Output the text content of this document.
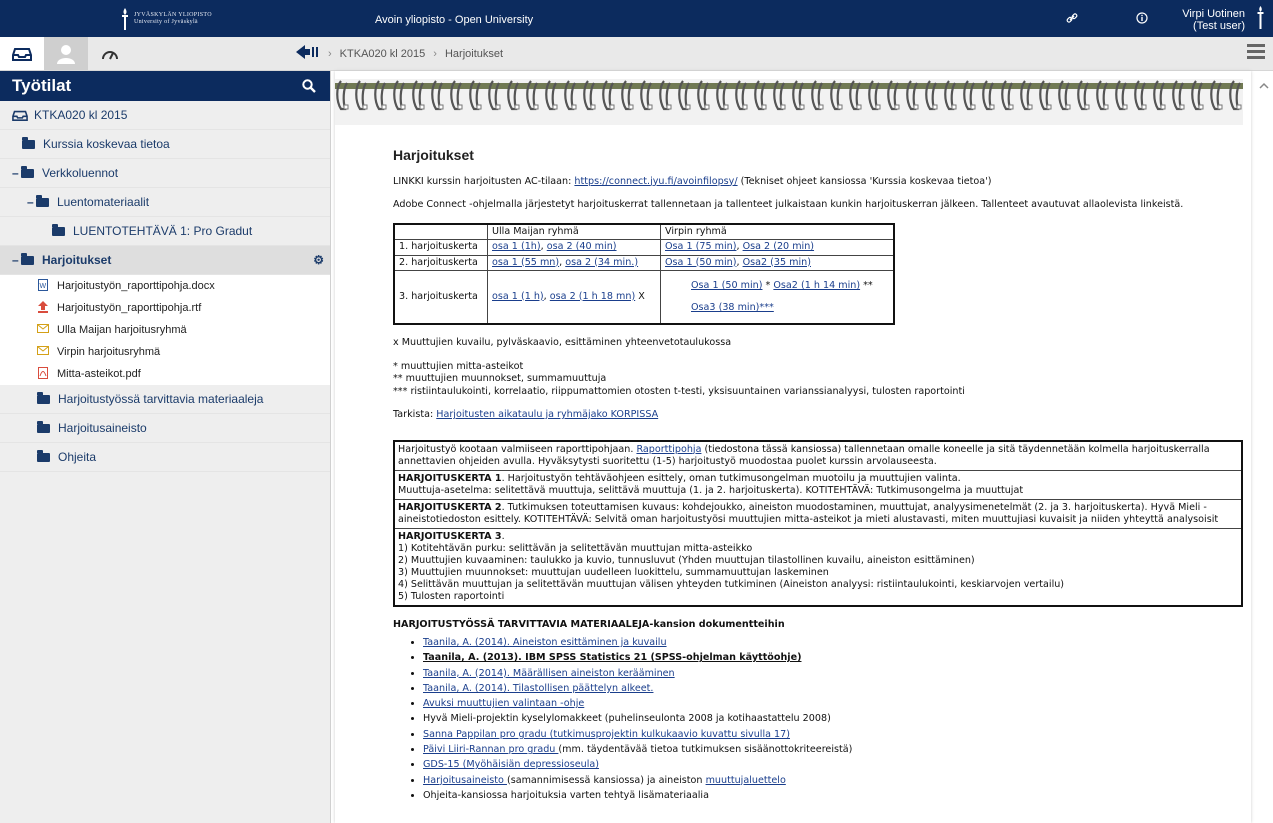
JYVÄSKYLÄN YLIOPISTO
University of Jyväskylä	Avoin yliopisto - Open University	Virpi Uotinen
(Test user)
› KTKA020 kl 2015 › Harjoitukset
Työtilat
KTKA020 kl 2015
Kurssia koskevaa tietoa
– Verkkoluennot
– Luentomateriaalit
LUENTOTEHTÄVÄ 1: Pro Gradut
– Harjoitukset	⚙
W Harjoitustyön_raporttipohja.docx
Harjoitustyön_raporttipohja.rtf
Ulla Maijan harjoitusryhmä
Virpin harjoitusryhmä
Mitta-asteikot.pdf
Harjoitustyössä tarvittavia materiaaleja
Harjoitusaineisto
Ohjeita
Harjoitukset

LINKKI kurssin harjoitusten AC-tilaan: https://connect.jyu.fi/avoinfilopsy/ (Tekniset ohjeet kansiossa 'Kurssia koskevaa tietoa')

Adobe Connect -ohjelmalla järjestetyt harjoituskerrat tallennetaan ja tallenteet julkaistaan kunkin harjoituskerran jälkeen. Tallenteet avautuvat allaolevista linkeistä.

	Ulla Maijan ryhmä	Virpin ryhmä
1. harjoituskerta	osa 1 (1h), osa 2 (40 min)	Osa 1 (75 min), Osa 2 (20 min)
2. harjoituskerta	osa 1 (55 mn), osa 2 (34 min.)	Osa 1 (50 min), Osa2 (35 min)
3. harjoituskerta	osa 1 (1 h), osa 2 (1 h 18 mn) X	Osa 1 (50 min) * Osa2 (1 h 14 min) **
Osa3 (38 min)***

x Muuttujien kuvailu, pylväskaavio, esittäminen yhteenvetotaulukossa

* muuttujien mitta-asteikot

** muuttujien muunnokset, summamuuttuja

*** ristiintaulukointi, korrelaatio, riippumattomien otosten t-testi, yksisuuntainen varianssianalyysi, tulosten raportointi

Tarkista: Harjoitusten aikataulu ja ryhmäjako KORPISSA

Harjoitustyö kootaan valmiiseen raporttipohjaan. Raporttipohja (tiedostona tässä kansiossa) tallennetaan omalle koneelle ja sitä täydennetään kolmella harjoituskerralla annettavien ohjeiden avulla. Hyväksytysti suoritettu (1-5) harjoitustyö muodostaa puolet kurssin arvolauseesta.
HARJOITUSKERTA 1. Harjoitustyön tehtäväohjeen esittely, oman tutkimusongelman muotoilu ja muuttujien valinta.
Muuttuja-asetelma: selitettävä muuttuja, selittävä muuttuja (1. ja 2. harjoituskerta). KOTITEHTÄVÄ: Tutkimusongelma ja muuttujat
HARJOITUSKERTA 2. Tutkimuksen toteuttamisen kuvaus: kohdejoukko, aineiston muodostaminen, muuttujat, analyysimenetelmät (2. ja 3. harjoituskerta). Hyvä Mieli -aineistotiedoston esittely. KOTITEHTÄVÄ: Selvitä oman harjoitustyösi muuttujien mitta-asteikot ja mieti alustavasti, miten muuttujiasi kuvaisit ja niiden yhteyttä analysoisit
HARJOITUSKERTA 3.
1) Kotitehtävän purku: selittävän ja selitettävän muuttujan mitta-asteikko
2) Muuttujien kuvaaminen: taulukko ja kuvio, tunnusluvut (Yhden muuttujan tilastollinen kuvailu, aineiston esittäminen)
3) Muuttujien muunnokset: muuttujan uudelleen luokittelu, summamuuttujan laskeminen
4) Selittävän muuttujan ja selitettävän muuttujan välisen yhteyden tutkiminen (Aineiston analyysi: ristiintaulukointi, keskiarvojen vertailu)
5) Tulosten raportointi
HARJOITUSTYÖSSÄ TARVITTAVIA MATERIAALEJA-kansion dokumentteihin
• Taanila, A. (2014). Aineiston esittäminen ja kuvailu
• Taanila, A. (2013). IBM SPSS Statistics 21 (SPSS-ohjelman käyttöohje)
• Taanila, A. (2014). Määrällisen aineiston kerääminen
• Taanila, A. (2014). Tilastollisen päättelyn alkeet.
• Avuksi muuttujien valintaan -ohje
• Hyvä Mieli-projektin kyselylomakkeet (puhelinseulonta 2008 ja kotihaastattelu 2008)
• Sanna Pappilan pro gradu (tutkimusprojektin kulkukaavio kuvattu sivulla 17)
• Päivi Liiri-Rannan pro gradu (mm. täydentävää tietoa tutkimuksen sisäänottokriteereistä)
• GDS-15 (Myöhäisiän depressioseula)
• Harjoitusaineisto (samannimisessä kansiossa) ja aineiston muuttujaluettelo
• Ohjeita-kansiossa harjoituksia varten tehtyä lisämateriaalia
